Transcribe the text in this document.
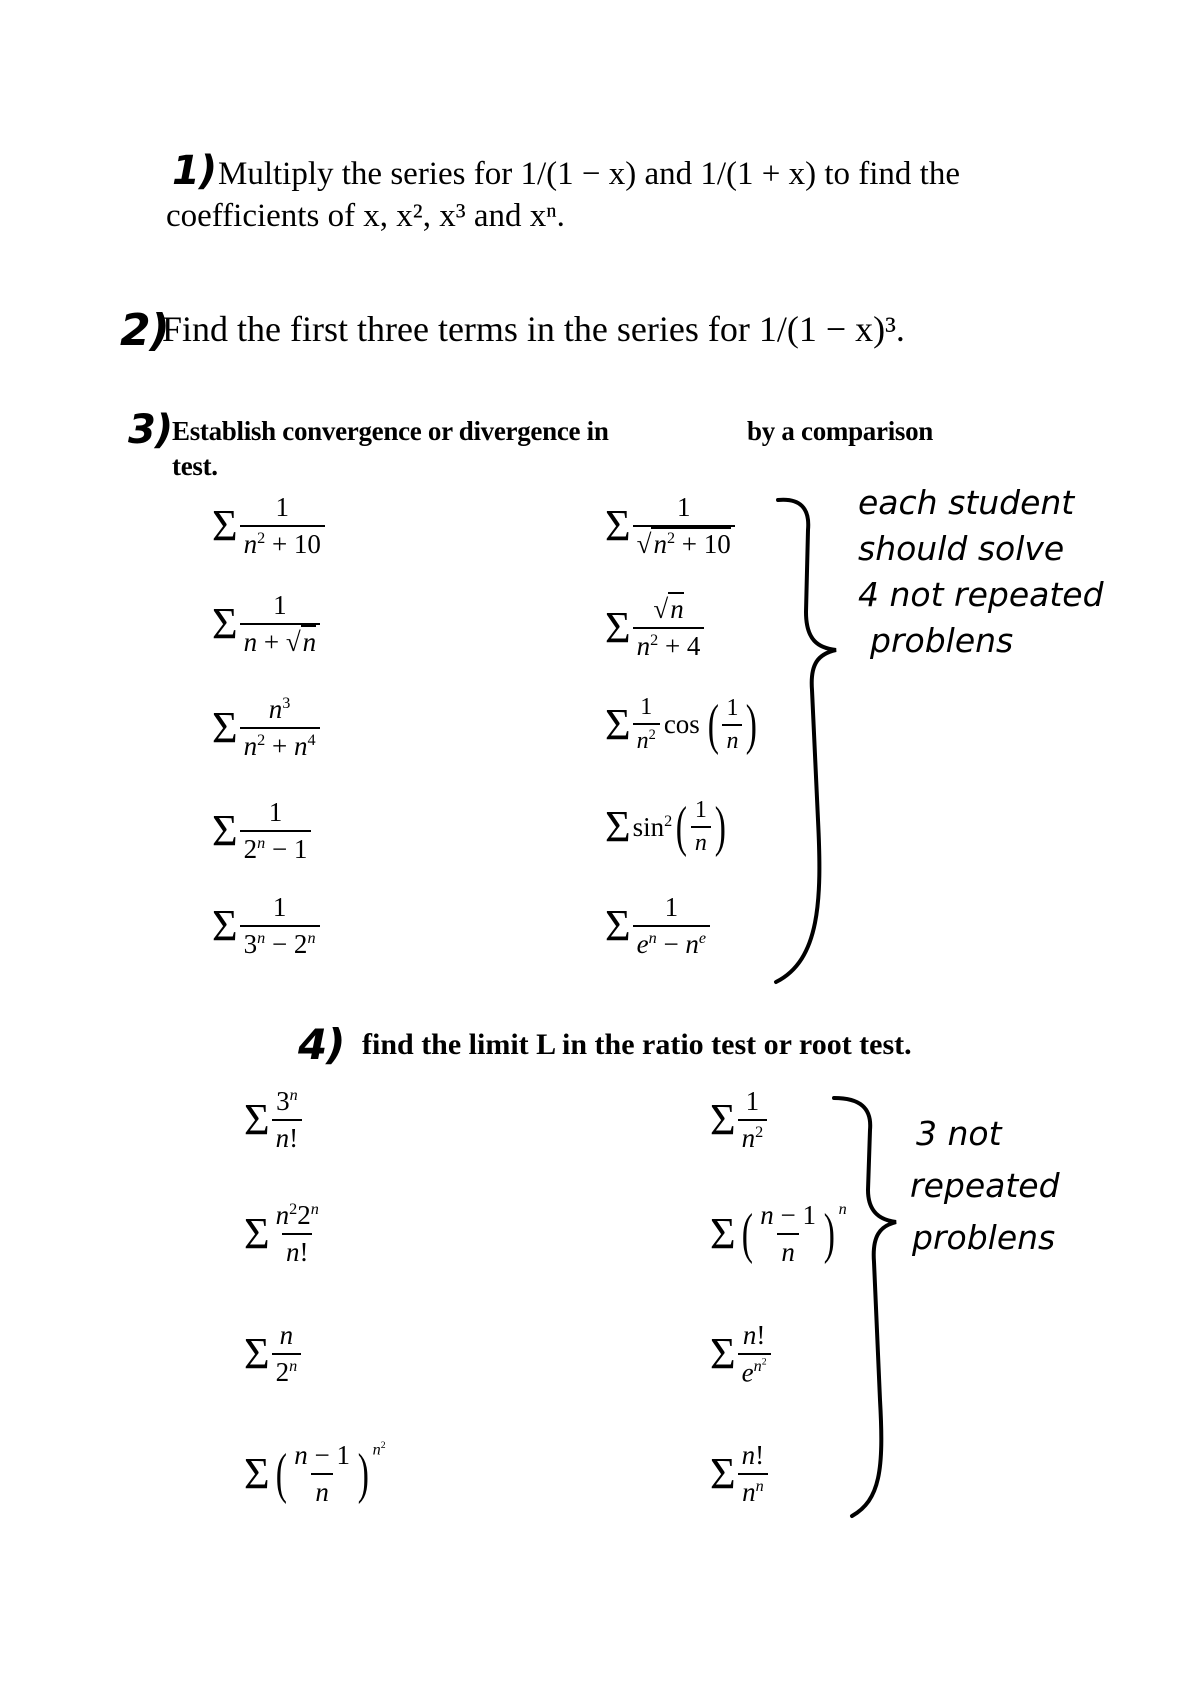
1) Multiply the series for 1/(1 − x) and 1/(1 + x) to find the
coefficients of x, x², x³ and xⁿ.
2)
Find the first three terms in the series for 1/(1 − x)³.
3) Establish convergence or divergence in	by a comparison
test.
Σ $\frac{1}{n^2 + 10}$
Σ $\frac{1}{n + √n}$
Σ $\frac{n^3}{n^2 + n^4}$
Σ $\frac{1}{2^n - 1}$
Σ $\frac{1}{3^n - 2^n}$
Σ $\frac{1}{√n^2 + 10}$
Σ $\frac{√n}{n^2 + 4}$
Σ $\frac{1}{n^2}$ cos ( $\frac{1}{n}$ )
Σ $\sin^2$ ( $\frac{1}{n}$ )
Σ $\frac{1}{e^n - n^e}$
each student
should solve
4 not repeated
problens
4) find the limit L in the ratio test or root test.
Σ $\frac{3^n}{n!}$
Σ $\frac{n^22^n}{n!}$
Σ $\frac{n}{2^n}$
Σ ( $\frac{n - 1}{n}$ ) $^{n^2}$
Σ $\frac{1}{n^2}$
Σ ( $\frac{n - 1}{n}$ ) $^n$
Σ $\frac{n!}{e^{n^2}}$
Σ $\frac{n!}{n^n}$
3 not
repeated
problens
